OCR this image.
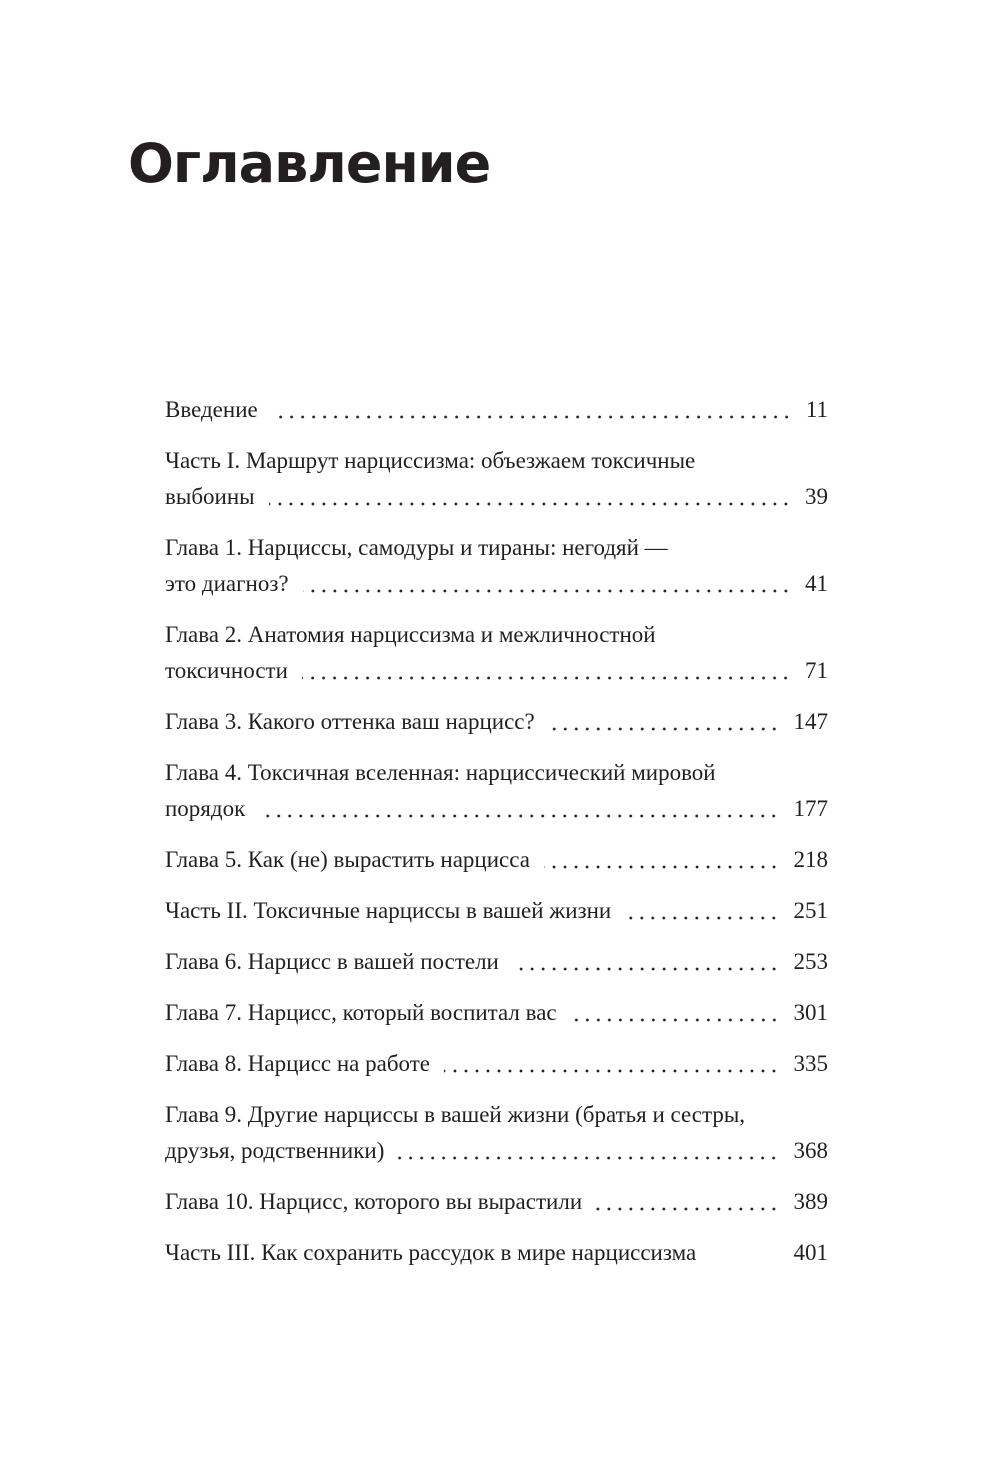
Оглавление
Введение	11
Часть I. Маршрут нарциссизма: объезжаем токсичные
выбоины	39
Глава 1. Нарциссы, самодуры и тираны: негодяй —
это диагноз?	41
Глава 2. Анатомия нарциссизма и межличностной
токсичности	71
Глава 3. Какого оттенка ваш нарцисс?	147
Глава 4. Токсичная вселенная: нарциссический мировой
порядок	177
Глава 5. Как (не) вырастить нарцисса	218
Часть II. Токсичные нарциссы в вашей жизни	251
Глава 6. Нарцисс в вашей постели	253
Глава 7. Нарцисс, который воспитал вас	301
Глава 8. Нарцисс на работе	335
Глава 9. Другие нарциссы в вашей жизни (братья и сестры,
друзья, родственники)	368
Глава 10. Нарцисс, которого вы вырастили	389
Часть III. Как сохранить рассудок в мире нарциссизма	401
